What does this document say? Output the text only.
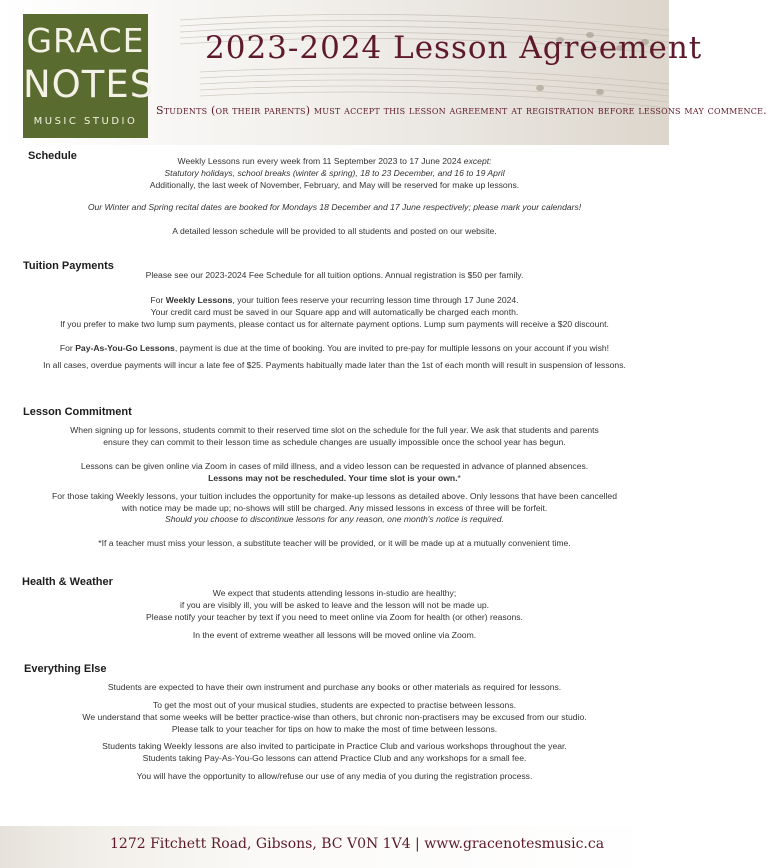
GRACE
NOTES
MUSIC STUDIO
2023-2024 Lesson Agreement
Students (or their parents) must accept this lesson agreement at registration before lessons may commence.
Schedule	Weekly Lessons run every week from 11 September 2023 to 17 June 2024 except:
Statutory holidays, school breaks (winter & spring), 18 to 23 December, and 16 to 19 April
Additionally, the last week of November, February, and May will be reserved for make up lessons.
Our Winter and Spring recital dates are booked for Mondays 18 December and 17 June respectively; please mark your calendars!
A detailed lesson schedule will be provided to all students and posted on our website.
Tuition Payments
Please see our 2023-2024 Fee Schedule for all tuition options. Annual registration is $50 per family.
For Weekly Lessons, your tuition fees reserve your recurring lesson time through 17 June 2024.
Your credit card must be saved in our Square app and will automatically be charged each month.
If you prefer to make two lump sum payments, please contact us for alternate payment options. Lump sum payments will receive a $20 discount.
For Pay-As-You-Go Lessons, payment is due at the time of booking. You are invited to pre-pay for multiple lessons on your account if you wish!
In all cases, overdue payments will incur a late fee of $25. Payments habitually made later than the 1st of each month will result in suspension of lessons.
Lesson Commitment
When signing up for lessons, students commit to their reserved time slot on the schedule for the full year. We ask that students and parents
ensure they can commit to their lesson time as schedule changes are usually impossible once the school year has begun.
Lessons can be given online via Zoom in cases of mild illness, and a video lesson can be requested in advance of planned absences.
Lessons may not be rescheduled. Your time slot is your own.*
For those taking Weekly lessons, your tuition includes the opportunity for make-up lessons as detailed above. Only lessons that have been cancelled
with notice may be made up; no-shows will still be charged. Any missed lessons in excess of three will be forfeit.
Should you choose to discontinue lessons for any reason, one month's notice is required.
*If a teacher must miss your lesson, a substitute teacher will be provided, or it will be made up at a mutually convenient time.
Health & Weather
We expect that students attending lessons in-studio are healthy;
if you are visibly ill, you will be asked to leave and the lesson will not be made up.
Please notify your teacher by text if you need to meet online via Zoom for health (or other) reasons.
In the event of extreme weather all lessons will be moved online via Zoom.
Everything Else
Students are expected to have their own instrument and purchase any books or other materials as required for lessons.
To get the most out of your musical studies, students are expected to practise between lessons.
We understand that some weeks will be better practice-wise than others, but chronic non-practisers may be excused from our studio.
Please talk to your teacher for tips on how to make the most of time between lessons.
Students taking Weekly lessons are also invited to participate in Practice Club and various workshops throughout the year.
Students taking Pay-As-You-Go lessons can attend Practice Club and any workshops for a small fee.
You will have the opportunity to allow/refuse our use of any media of you during the registration process.
1272 Fitchett Road, Gibsons, BC V0N 1V4 | www.gracenotesmusic.ca
